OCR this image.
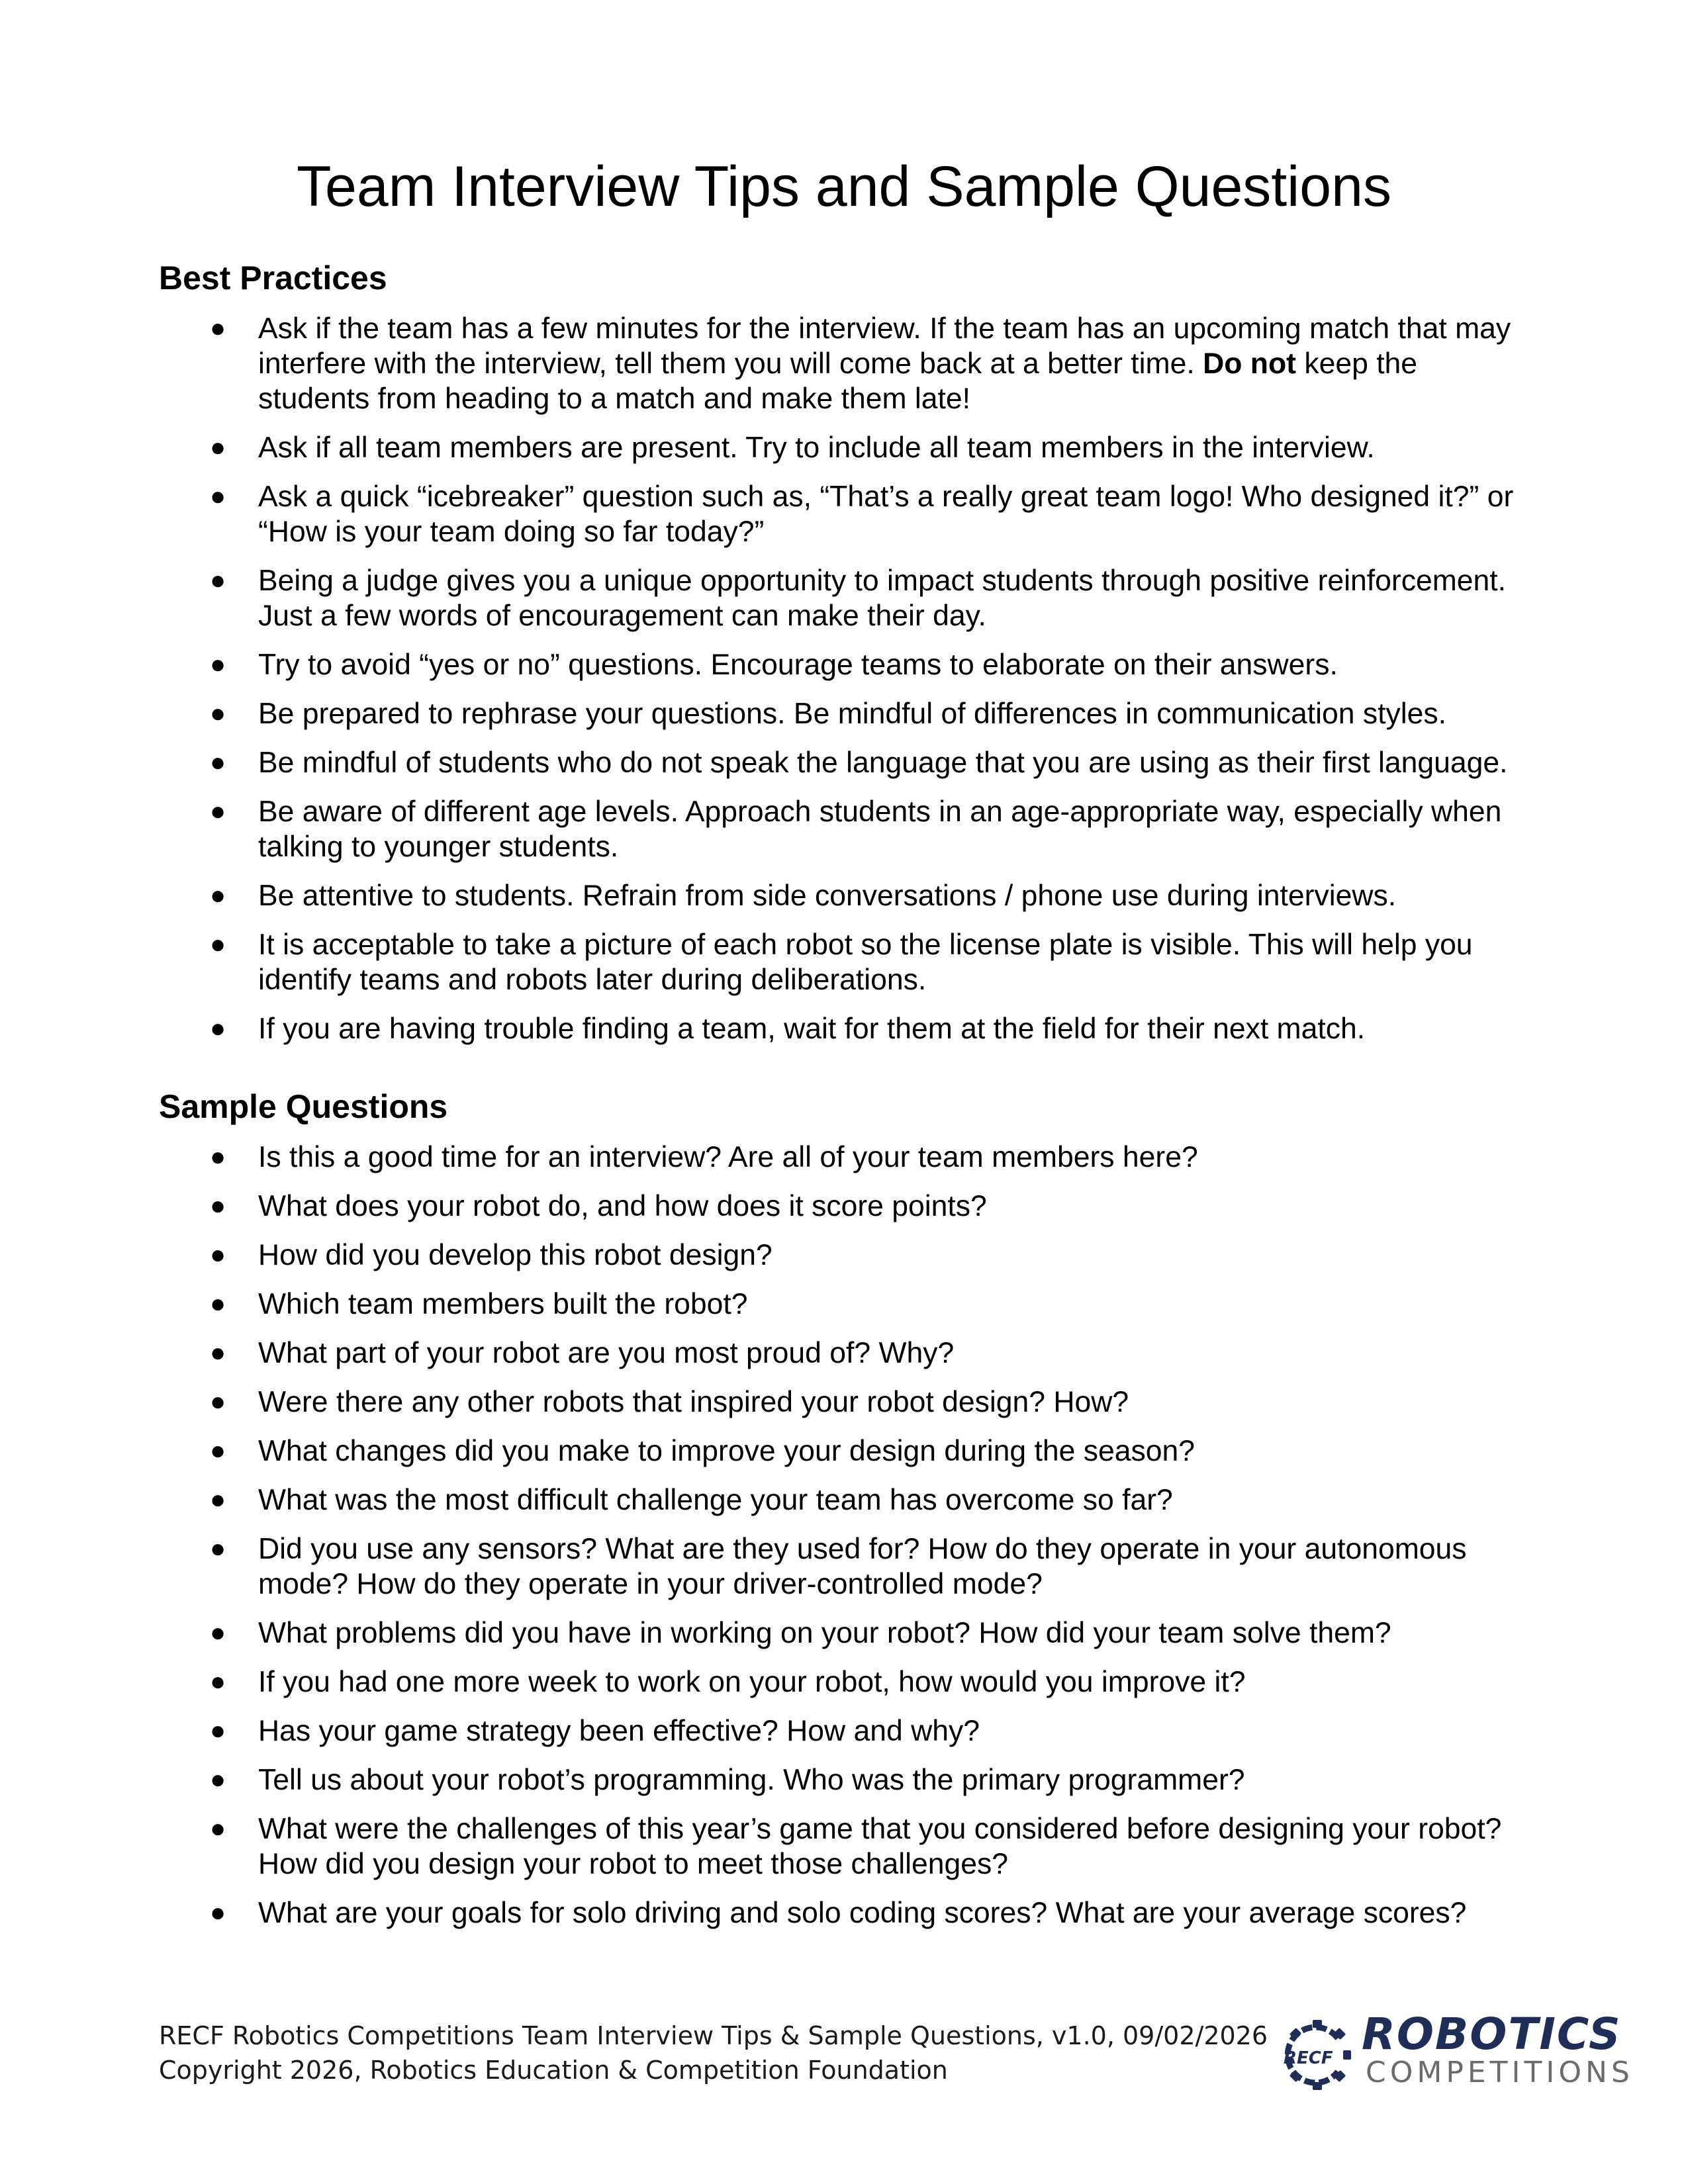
Team Interview Tips and Sample Questions
Best Practices
● Ask if the team has a few minutes for the interview. If the team has an upcoming match that may interfere with the interview, tell them you will come back at a better time. Do not keep the students from heading to a match and make them late!
● Ask if all team members are present. Try to include all team members in the interview.
● Ask a quick “icebreaker” question such as, “That’s a really great team logo! Who designed it?” or “How is your team doing so far today?”
● Being a judge gives you a unique opportunity to impact students through positive reinforcement. Just a few words of encouragement can make their day.
● Try to avoid “yes or no” questions. Encourage teams to elaborate on their answers.
● Be prepared to rephrase your questions. Be mindful of differences in communication styles.
● Be mindful of students who do not speak the language that you are using as their first language.
● Be aware of different age levels. Approach students in an age-appropriate way, especially when talking to younger students.
● Be attentive to students. Refrain from side conversations / phone use during interviews.
● It is acceptable to take a picture of each robot so the license plate is visible. This will help you identify teams and robots later during deliberations.
● If you are having trouble finding a team, wait for them at the field for their next match.
Sample Questions
● Is this a good time for an interview? Are all of your team members here?
● What does your robot do, and how does it score points?
● How did you develop this robot design?
● Which team members built the robot?
● What part of your robot are you most proud of? Why?
● Were there any other robots that inspired your robot design? How?
● What changes did you make to improve your design during the season?
● What was the most difficult challenge your team has overcome so far?
● Did you use any sensors? What are they used for? How do they operate in your autonomous mode? How do they operate in your driver-controlled mode?
● What problems did you have in working on your robot? How did your team solve them?
● If you had one more week to work on your robot, how would you improve it?
● Has your game strategy been effective? How and why?
● Tell us about your robot’s programming. Who was the primary programmer?
● What were the challenges of this year’s game that you considered before designing your robot? How did you design your robot to meet those challenges?
● What are your goals for solo driving and solo coding scores? What are your average scores?
RECF Robotics Competitions Team Interview Tips & Sample Questions, v1.0, 09/02/2026
Copyright 2026, Robotics Education & Competition Foundation	RECF ROBOTICS
COMPETITIONS
